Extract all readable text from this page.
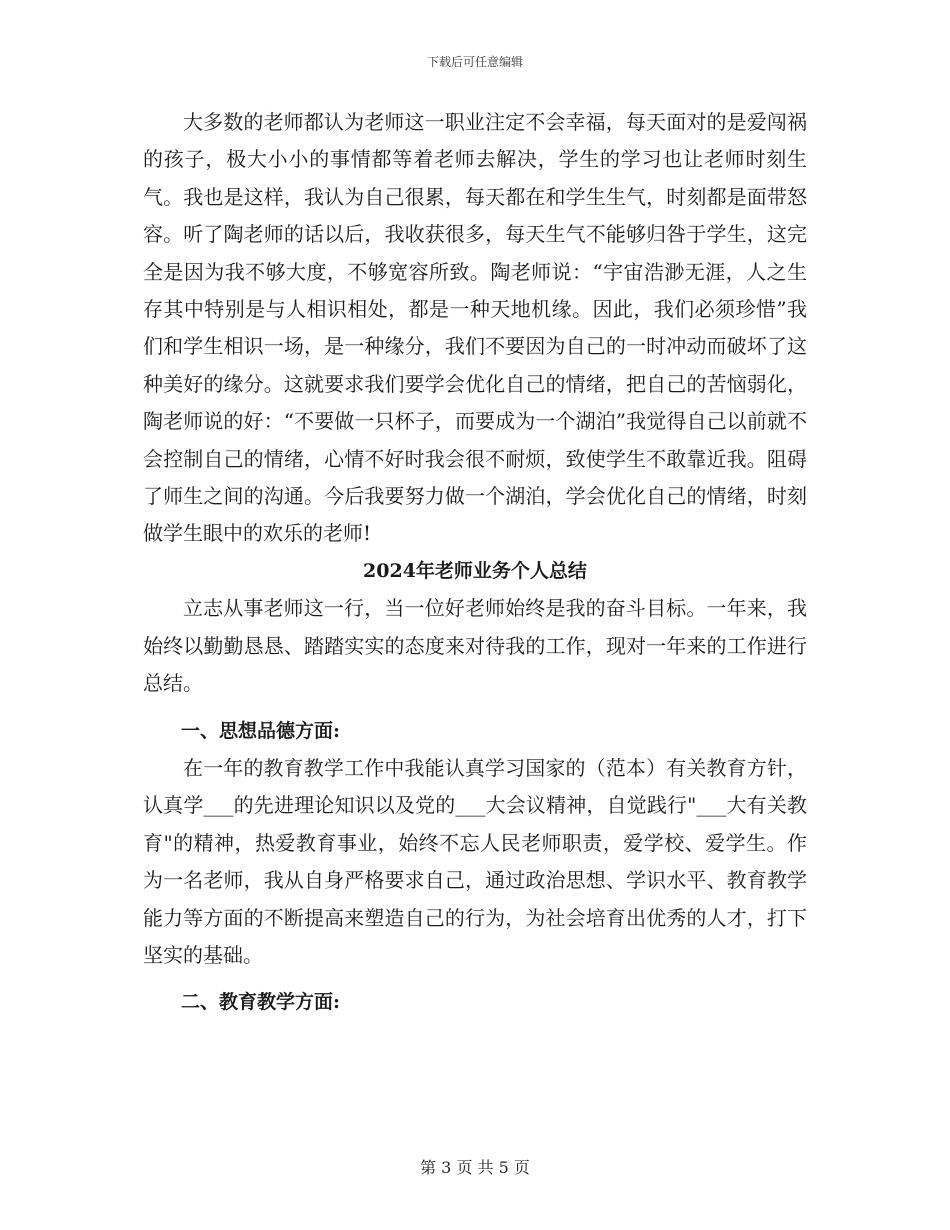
下载后可任意编辑

大多数的老师都认为老师这一职业注定不会幸福，每天面对的是爱闯祸的孩子，极大小小的事情都等着老师去解决，学生的学习也让老师时刻生气。我也是这样，我认为自己很累，每天都在和学生生气，时刻都是面带怒容。听了陶老师的话以后，我收获很多，每天生气不能够归咎于学生，这完全是因为我不够大度，不够宽容所致。陶老师说：“宇宙浩渺无涯，人之生存其中特别是与人相识相处，都是一种天地机缘。因此，我们必须珍惜”我们和学生相识一场，是一种缘分，我们不要因为自己的一时冲动而破坏了这种美好的缘分。这就要求我们要学会优化自己的情绪，把自己的苦恼弱化，陶老师说的好：“不要做一只杯子，而要成为一个湖泊”我觉得自己以前就不会控制自己的情绪，心情不好时我会很不耐烦，致使学生不敢靠近我。阻碍了师生之间的沟通。今后我要努力做一个湖泊，学会优化自己的情绪，时刻做学生眼中的欢乐的老师!

2024年老师业务个人总结

立志从事老师这一行，当一位好老师始终是我的奋斗目标。一年来，我始终以勤勤恳恳、踏踏实实的态度来对待我的工作，现对一年来的工作进行总结。

一、思想品德方面:

在一年的教育教学工作中我能认真学习国家的（范本）有关教育方针，认真学___的先进理论知识以及党的___大会议精神，自觉践行"___大有关教育"的精神，热爱教育事业，始终不忘人民老师职责，爱学校、爱学生。作为一名老师，我从自身严格要求自己，通过政治思想、学识水平、教育教学能力等方面的不断提高来塑造自己的行为，为社会培育出优秀的人才，打下坚实的基础。

二、教育教学方面:

第 3 页 共 5 页
